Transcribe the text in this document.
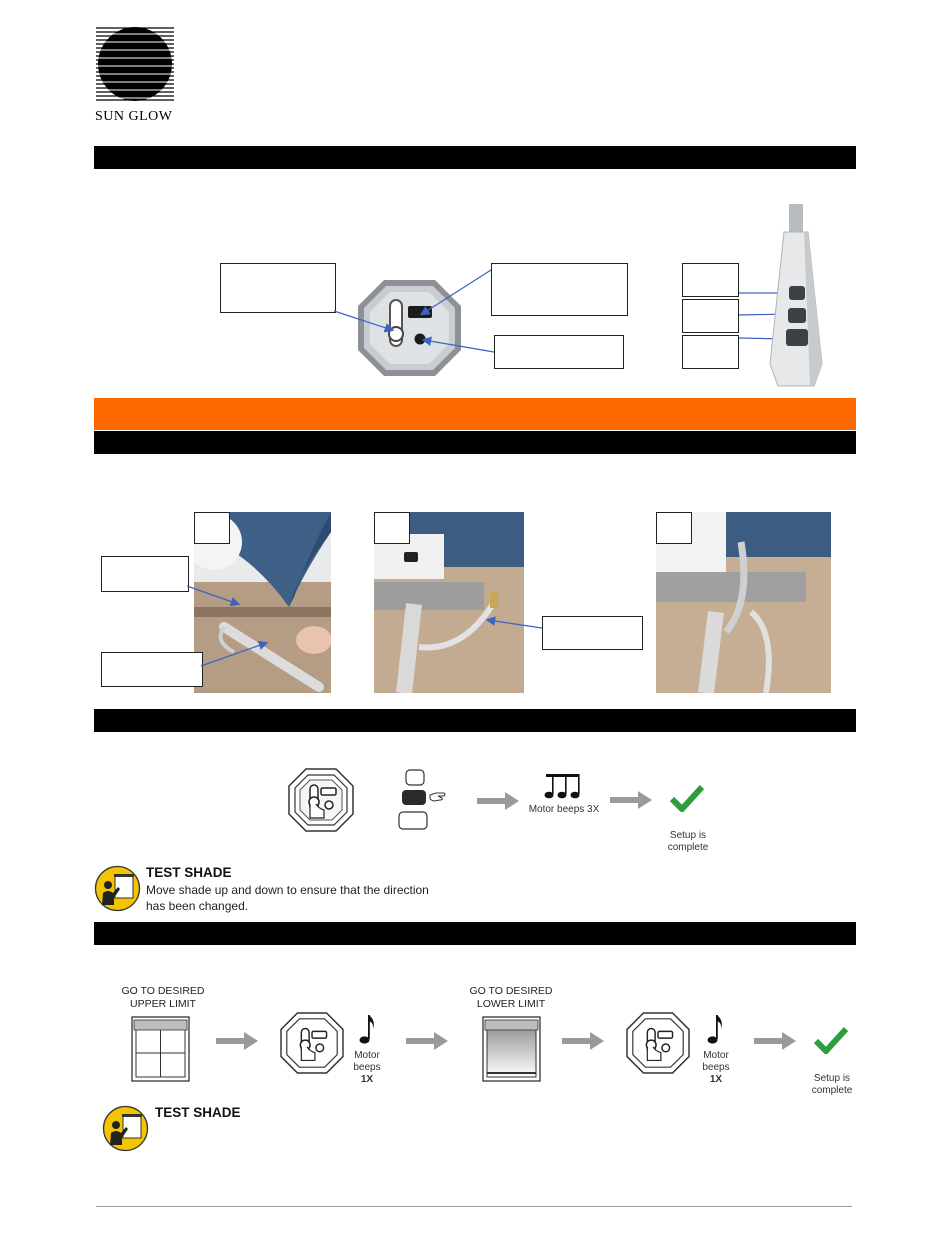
SUN GLOW
Motor beeps 3X
Setup is
complete
TEST SHADE
Move shade up and down to ensure that the direction
has been changed.
GO TO DESIRED
UPPER LIMIT
Motor
beeps
1X
GO TO DESIRED
LOWER LIMIT
Motor
beeps
1X	Setup is
complete
TEST SHADE
